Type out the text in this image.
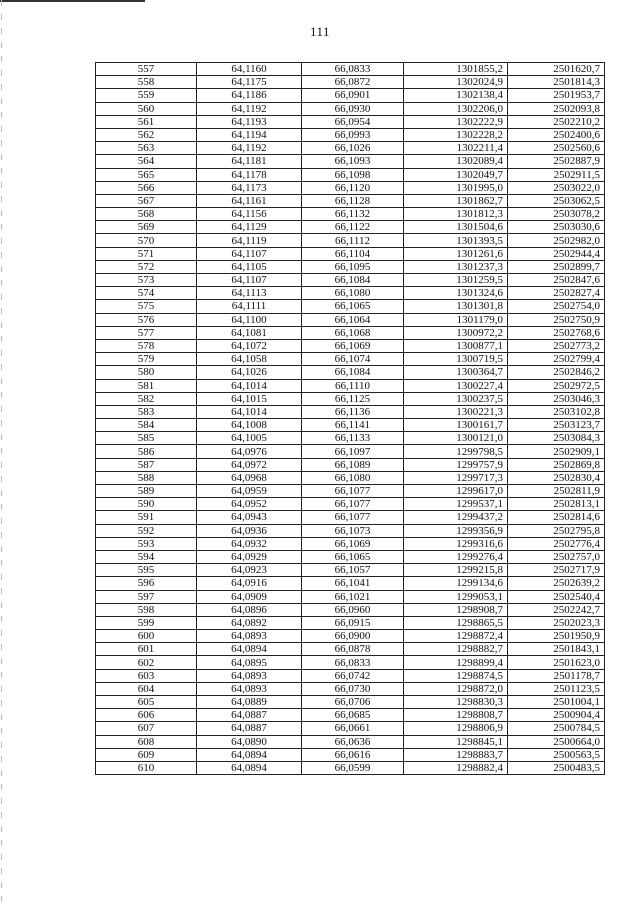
111
557	64,1160	66,0833	1301855,2	2501620,7
558	64,1175	66,0872	1302024,9	2501814,3
559	64,1186	66,0901	1302138,4	2501953,7
560	64,1192	66,0930	1302206,0	2502093,8
561	64,1193	66,0954	1302222,9	2502210,2
562	64,1194	66,0993	1302228,2	2502400,6
563	64,1192	66,1026	1302211,4	2502560,6
564	64,1181	66,1093	1302089,4	2502887,9
565	64,1178	66,1098	1302049,7	2502911,5
566	64,1173	66,1120	1301995,0	2503022,0
567	64,1161	66,1128	1301862,7	2503062,5
568	64,1156	66,1132	1301812,3	2503078,2
569	64,1129	66,1122	1301504,6	2503030,6
570	64,1119	66,1112	1301393,5	2502982,0
571	64,1107	66,1104	1301261,6	2502944,4
572	64,1105	66,1095	1301237,3	2502899,7
573	64,1107	66,1084	1301259,5	2502847,6
574	64,1113	66,1080	1301324,6	2502827,4
575	64,1111	66,1065	1301301,8	2502754,0
576	64,1100	66,1064	1301179,0	2502750,9
577	64,1081	66,1068	1300972,2	2502768,6
578	64,1072	66,1069	1300877,1	2502773,2
579	64,1058	66,1074	1300719,5	2502799,4
580	64,1026	66,1084	1300364,7	2502846,2
581	64,1014	66,1110	1300227,4	2502972,5
582	64,1015	66,1125	1300237,5	2503046,3
583	64,1014	66,1136	1300221,3	2503102,8
584	64,1008	66,1141	1300161,7	2503123,7
585	64,1005	66,1133	1300121,0	2503084,3
586	64,0976	66,1097	1299798,5	2502909,1
587	64,0972	66,1089	1299757,9	2502869,8
588	64,0968	66,1080	1299717,3	2502830,4
589	64,0959	66,1077	1299617,0	2502811,9
590	64,0952	66,1077	1299537,1	2502813,1
591	64,0943	66,1077	1299437,2	2502814,6
592	64,0936	66,1073	1299356,9	2502795,8
593	64,0932	66,1069	1299316,6	2502776,4
594	64,0929	66,1065	1299276,4	2502757,0
595	64,0923	66,1057	1299215,8	2502717,9
596	64,0916	66,1041	1299134,6	2502639,2
597	64,0909	66,1021	1299053,1	2502540,4
598	64,0896	66,0960	1298908,7	2502242,7
599	64,0892	66,0915	1298865,5	2502023,3
600	64,0893	66,0900	1298872,4	2501950,9
601	64,0894	66,0878	1298882,7	2501843,1
602	64,0895	66,0833	1298899,4	2501623,0
603	64,0893	66,0742	1298874,5	2501178,7
604	64,0893	66,0730	1298872,0	2501123,5
605	64,0889	66,0706	1298830,3	2501004,1
606	64,0887	66,0685	1298808,7	2500904,4
607	64,0887	66,0661	1298806,9	2500784,5
608	64,0890	66,0636	1298845,1	2500664,0
609	64,0894	66,0616	1298883,7	2500563,5
610	64,0894	66,0599	1298882,4	2500483,5
